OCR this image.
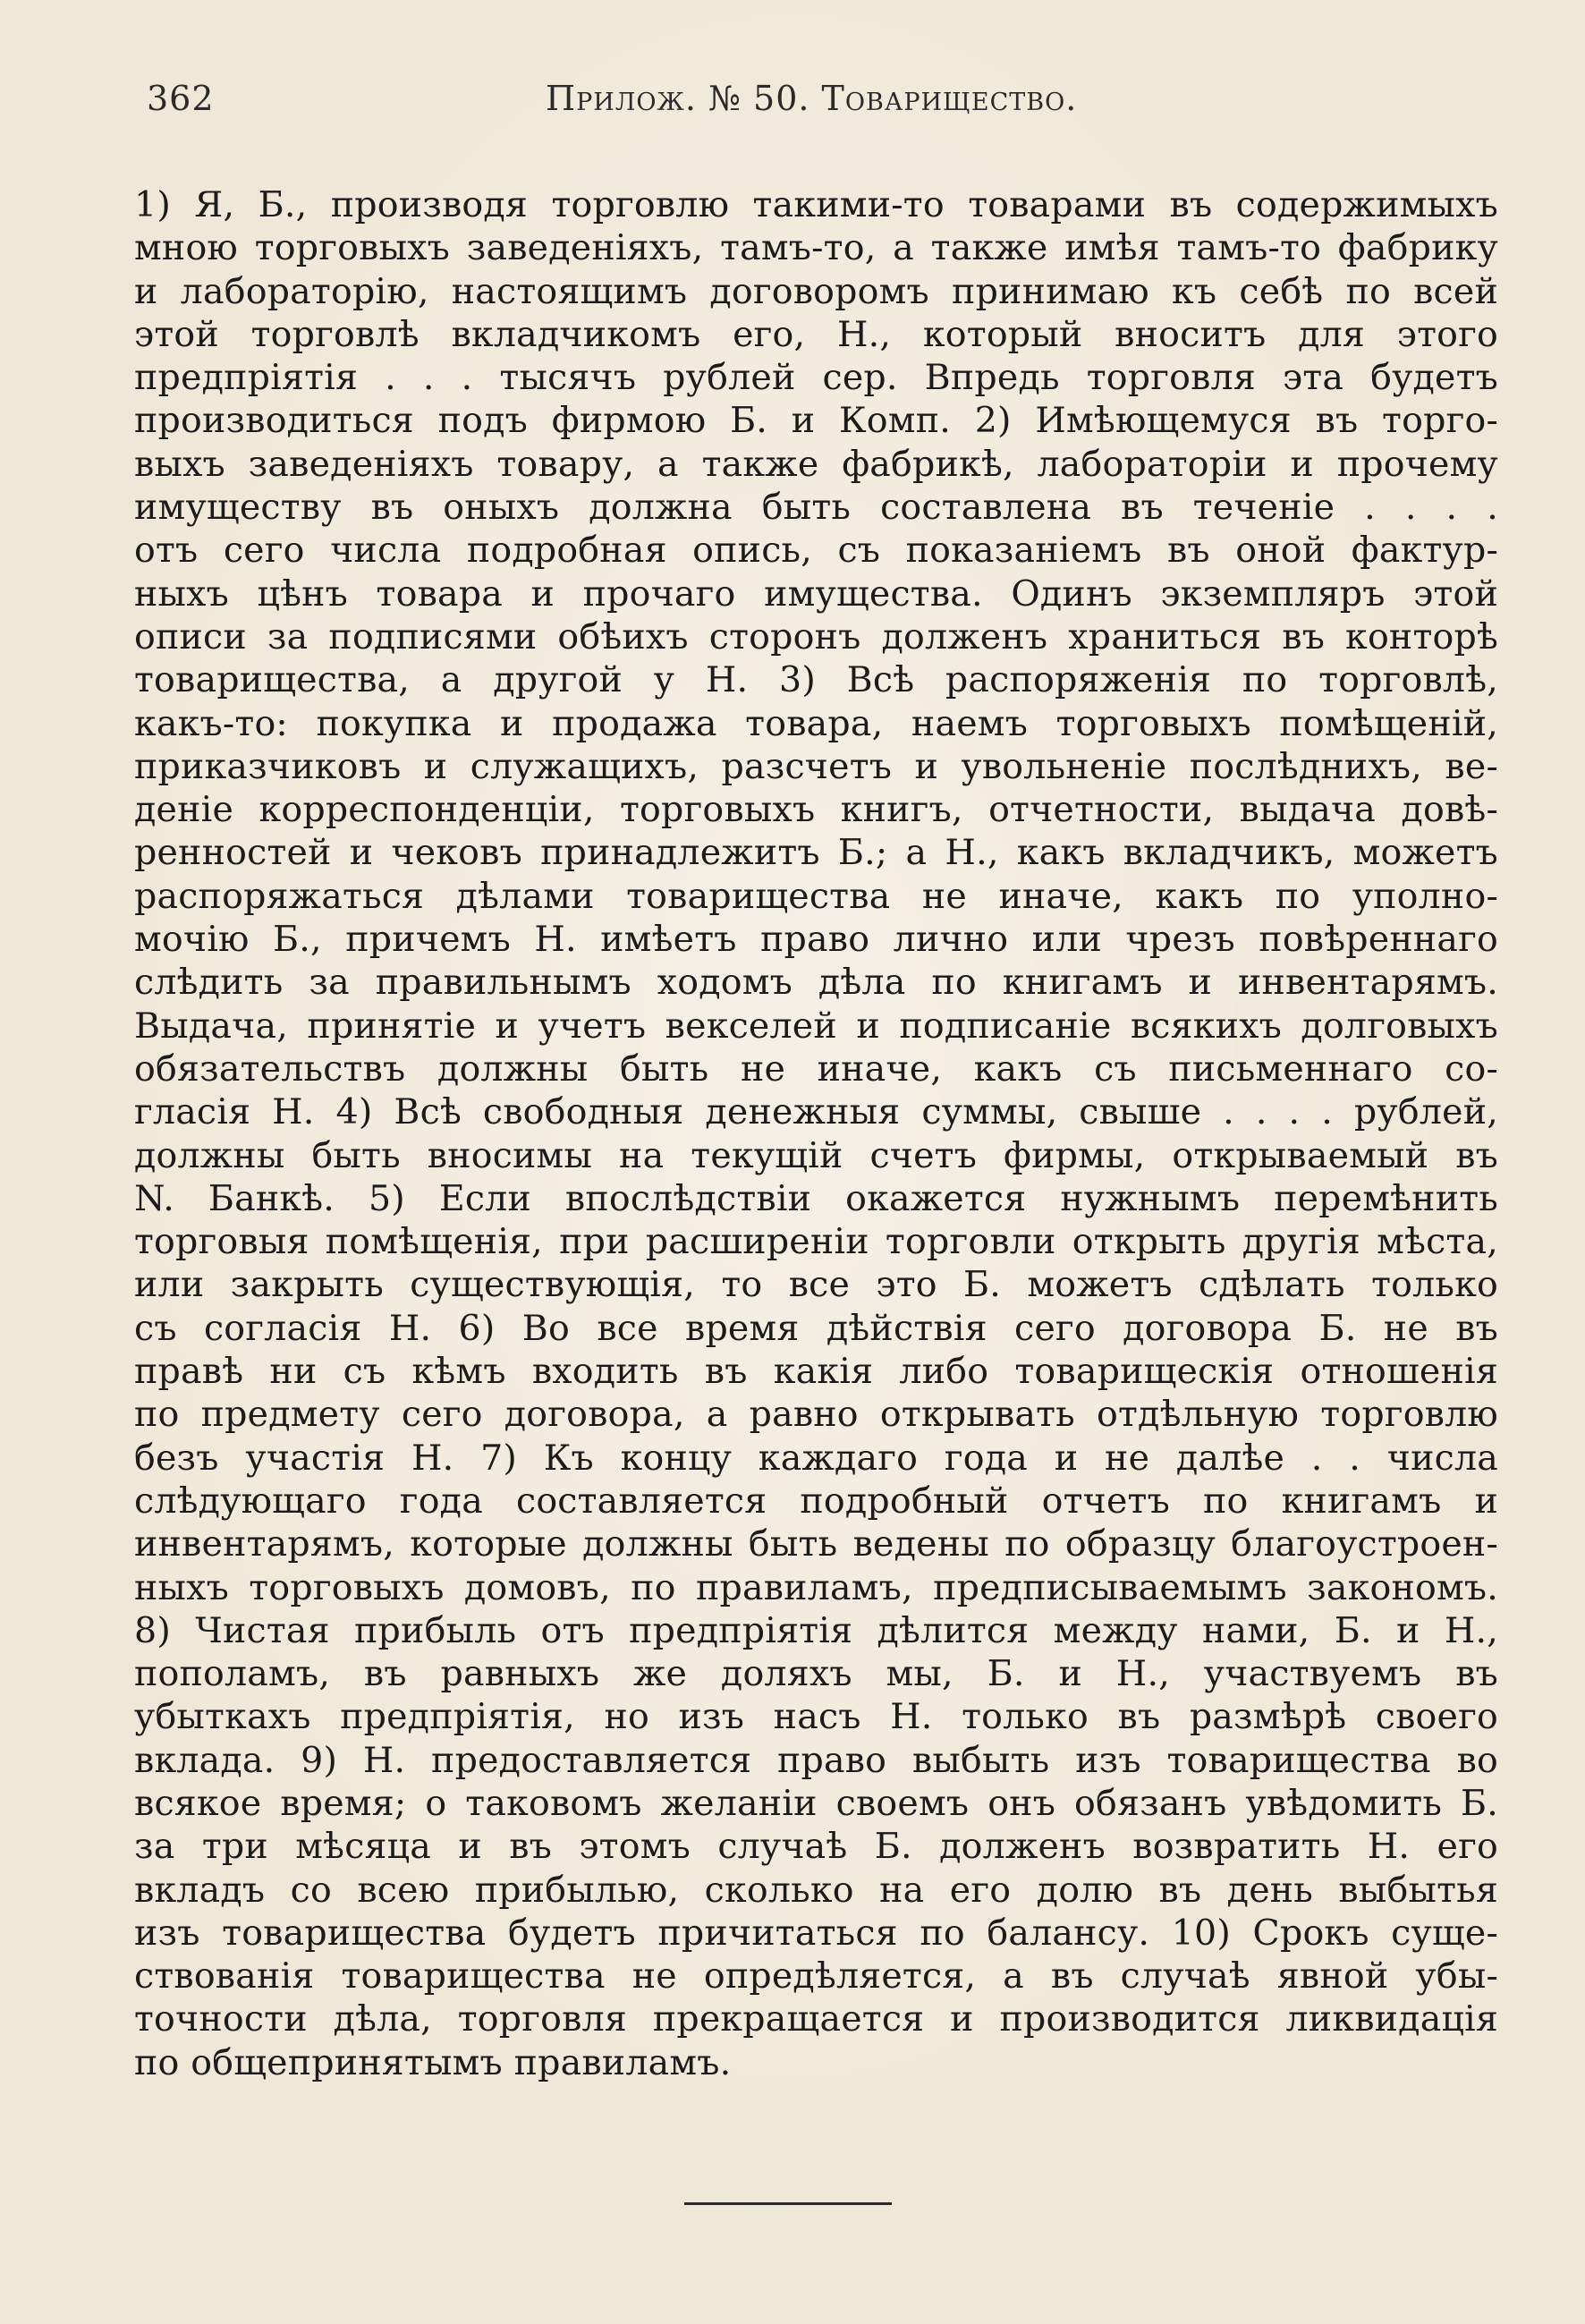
362	Прилож. № 50. Товарищество.
1) Я, Б., производя торговлю такими-то товарами въ содержимыхъ
мною торговыхъ заведеніяхъ, тамъ-то, а также имѣя тамъ-то фабрику
и лабораторію, настоящимъ договоромъ принимаю къ себѣ по всей
этой торговлѣ вкладчикомъ его, Н., который вноситъ для этого
предпріятія . . . тысячъ рублей сер. Впредь торговля эта будетъ
производиться подъ фирмою Б. и Комп. 2) Имѣющемуся въ торго-
выхъ заведеніяхъ товару, а также фабрикѣ, лабораторіи и прочему
имуществу въ оныхъ должна быть составлена въ теченіе . . . .
отъ сего числа подробная опись, съ показаніемъ въ оной фактур-
ныхъ цѣнъ товара и прочаго имущества. Одинъ экземпляръ этой
описи за подписями обѣихъ сторонъ долженъ храниться въ конторѣ
товарищества, а другой у Н. 3) Всѣ распоряженія по торговлѣ,
какъ-то: покупка и продажа товара, наемъ торговыхъ помѣщеній,
приказчиковъ и служащихъ, разсчетъ и увольненіе послѣднихъ, ве-
деніе корреспонденціи, торговыхъ книгъ, отчетности, выдача довѣ-
ренностей и чековъ принадлежитъ Б.; а Н., какъ вкладчикъ, можетъ
распоряжаться дѣлами товарищества не иначе, какъ по уполно-
мочію Б., причемъ Н. имѣетъ право лично или чрезъ повѣреннаго
слѣдить за правильнымъ ходомъ дѣла по книгамъ и инвентарямъ.
Выдача, принятіе и учетъ векселей и подписаніе всякихъ долговыхъ
обязательствъ должны быть не иначе, какъ съ письменнаго со-
гласія Н. 4) Всѣ свободныя денежныя суммы, свыше . . . . рублей,
должны быть вносимы на текущій счетъ фирмы, открываемый въ
N. Банкѣ. 5) Если впослѣдствіи окажется нужнымъ перемѣнить
торговыя помѣщенія, при расширеніи торговли открыть другія мѣста,
или закрыть существующія, то все это Б. можетъ сдѣлать только
съ согласія Н. 6) Во все время дѣйствія сего договора Б. не въ
правѣ ни съ кѣмъ входить въ какія либо товарищескія отношенія
по предмету сего договора, а равно открывать отдѣльную торговлю
безъ участія Н. 7) Къ концу каждаго года и не далѣе . . числа
слѣдующаго года составляется подробный отчетъ по книгамъ и
инвентарямъ, которые должны быть ведены по образцу благоустроен-
ныхъ торговыхъ домовъ, по правиламъ, предписываемымъ закономъ.
8) Чистая прибыль отъ предпріятія дѣлится между нами, Б. и Н.,
пополамъ, въ равныхъ же доляхъ мы, Б. и Н., участвуемъ въ
убыткахъ предпріятія, но изъ насъ Н. только въ размѣрѣ своего
вклада. 9) Н. предоставляется право выбыть изъ товарищества во
всякое время; о таковомъ желаніи своемъ онъ обязанъ увѣдомить Б.
за три мѣсяца и въ этомъ случаѣ Б. долженъ возвратить Н. его
вкладъ со всею прибылью, сколько на его долю въ день выбытья
изъ товарищества будетъ причитаться по балансу. 10) Срокъ суще-
ствованія товарищества не опредѣляется, а въ случаѣ явной убы-
точности дѣла, торговля прекращается и производится ликвидація
по общепринятымъ правиламъ.
